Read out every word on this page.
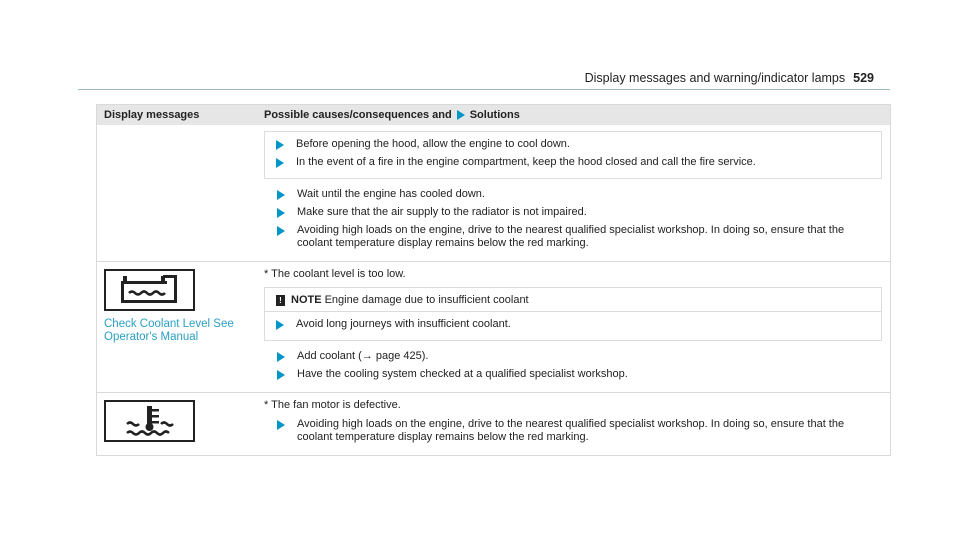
Display messages and warning/indicator lamps 529
Display messages	Possible causes/consequences and Solutions
Before opening the hood, allow the engine to cool down.
In the event of a fire in the engine compartment, keep the hood closed and call the fire service.
Wait until the engine has cooled down.
Make sure that the air supply to the radiator is not impaired.
Avoiding high loads on the engine, drive to the nearest qualified specialist workshop. In doing so, ensure that the coolant temperature display remains below the red marking.
Check Coolant Level See Operator's Manual
* The coolant level is too low.
! NOTE Engine damage due to insufficient coolant
Avoid long journeys with insufficient coolant.
Add coolant (→ page 425).
Have the cooling system checked at a qualified specialist workshop.
* The fan motor is defective.
Avoiding high loads on the engine, drive to the nearest qualified specialist workshop. In doing so, ensure that the coolant temperature display remains below the red marking.
